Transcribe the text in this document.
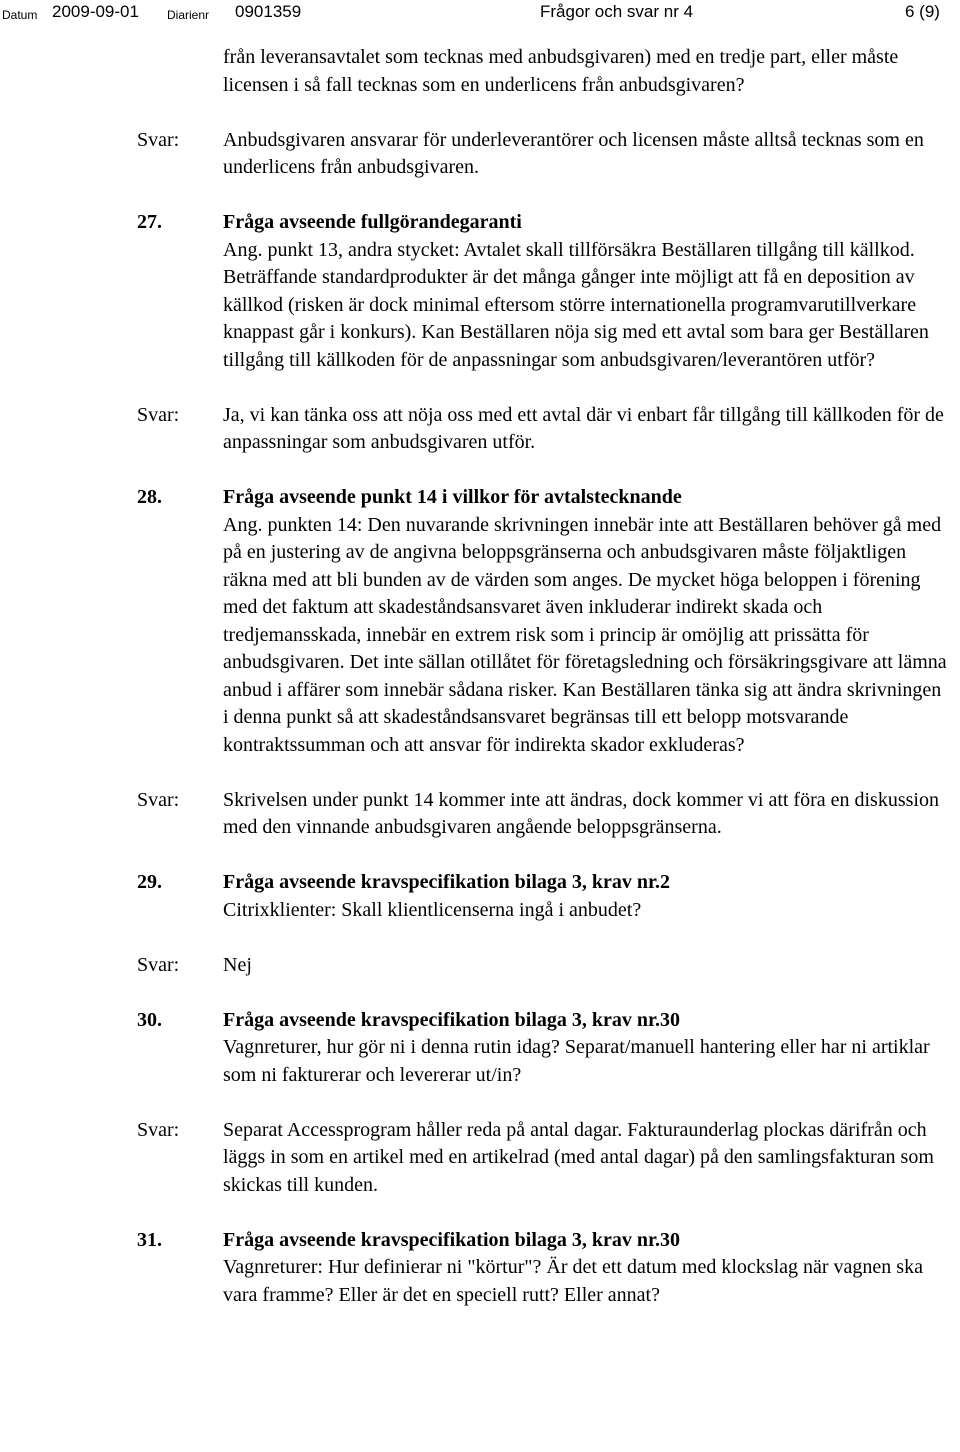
Datum 2009-09-01 Diarienr 0901359	Frågor och svar nr 4	6 (9)
från leveransavtalet som tecknas med anbudsgivaren) med en tredje part, eller måste licensen i så fall tecknas som en underlicens från anbudsgivaren?
Svar: Anbudsgivaren ansvarar för underleverantörer och licensen måste alltså tecknas som en underlicens från anbudsgivaren.
27.	Fråga avseende fullgörandegaranti
Ang. punkt 13, andra stycket: Avtalet skall tillförsäkra Beställaren tillgång till källkod. Beträffande standardprodukter är det många gånger inte möjligt att få en deposition av källkod (risken är dock minimal eftersom större internationella programvarutillverkare knappast går i konkurs). Kan Beställaren nöja sig med ett avtal som bara ger Beställaren tillgång till källkoden för de anpassningar som anbudsgivaren/leverantören utför?
Svar: Ja, vi kan tänka oss att nöja oss med ett avtal där vi enbart får tillgång till källkoden för de anpassningar som anbudsgivaren utför.
28.	Fråga avseende punkt 14 i villkor för avtalstecknande
Ang. punkten 14: Den nuvarande skrivningen innebär inte att Beställaren behöver gå med på en justering av de angivna beloppsgränserna och anbudsgivaren måste följaktligen räkna med att bli bunden av de värden som anges. De mycket höga beloppen i förening med det faktum att skadeståndsansvaret även inkluderar indirekt skada och tredjemansskada, innebär en extrem risk som i princip är omöjlig att prissätta för anbudsgivaren. Det inte sällan otillåtet för företagsledning och försäkringsgivare att lämna anbud i affärer som innebär sådana risker. Kan Beställaren tänka sig att ändra skrivningen i denna punkt så att skadeståndsansvaret begränsas till ett belopp motsvarande kontraktssumman och att ansvar för indirekta skador exkluderas?
Svar: Skrivelsen under punkt 14 kommer inte att ändras, dock kommer vi att föra en diskussion med den vinnande anbudsgivaren angående beloppsgränserna.
29.	Fråga avseende kravspecifikation bilaga 3, krav nr.2
Citrixklienter: Skall klientlicenserna ingå i anbudet?
Svar: Nej
30.	Fråga avseende kravspecifikation bilaga 3, krav nr.30
Vagnreturer, hur gör ni i denna rutin idag? Separat/manuell hantering eller har ni artiklar som ni fakturerar och levererar ut/in?
Svar: Separat Accessprogram håller reda på antal dagar. Fakturaunderlag plockas därifrån och läggs in som en artikel med en artikelrad (med antal dagar) på den samlingsfakturan som skickas till kunden.
31.	Fråga avseende kravspecifikation bilaga 3, krav nr.30
Vagnreturer: Hur definierar ni "körtur"? Är det ett datum med klockslag när vagnen ska vara framme? Eller är det en speciell rutt? Eller annat?
